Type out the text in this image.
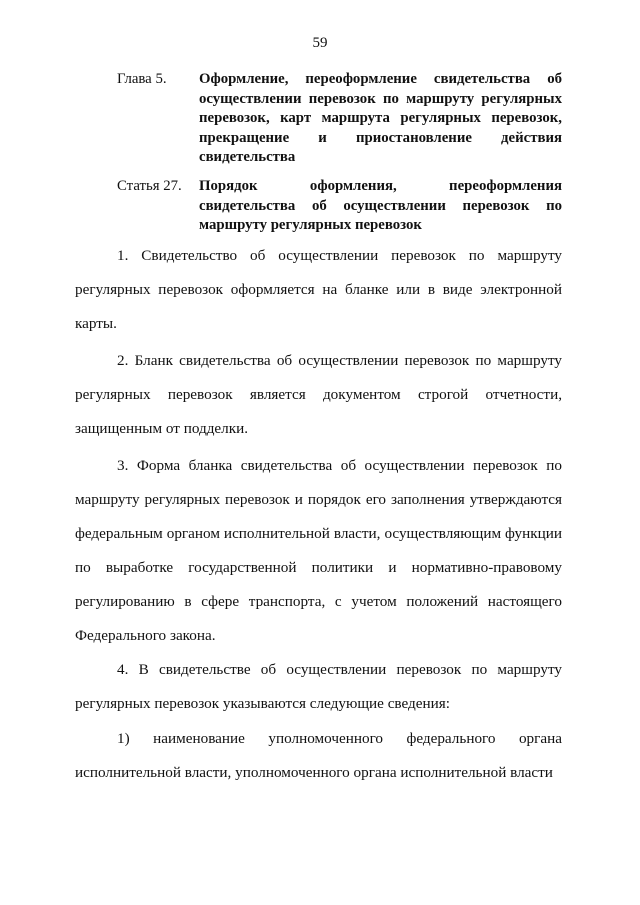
59
Глава 5. Оформление, переоформление свидетельства об осуществлении перевозок по маршруту регулярных перевозок, карт маршрута регулярных перевозок, прекращение и приостановление действия свидетельства
Статья 27. Порядок оформления, переоформления свидетельства об осуществлении перевозок по маршруту регулярных перевозок

1. Свидетельство об осуществлении перевозок по маршруту регулярных перевозок оформляется на бланке или в виде электронной карты.

2. Бланк свидетельства об осуществлении перевозок по маршруту регулярных перевозок является документом строгой отчетности, защищенным от подделки.

3. Форма бланка свидетельства об осуществлении перевозок по маршруту регулярных перевозок и порядок его заполнения утверждаются федеральным органом исполнительной власти, осуществляющим функции по выработке государственной политики и нормативно-правовому регулированию в сфере транспорта, с учетом положений настоящего Федерального закона.

4. В свидетельстве об осуществлении перевозок по маршруту регулярных перевозок указываются следующие сведения:

1) наименование уполномоченного федерального органа исполнительной власти, уполномоченного органа исполнительной власти
